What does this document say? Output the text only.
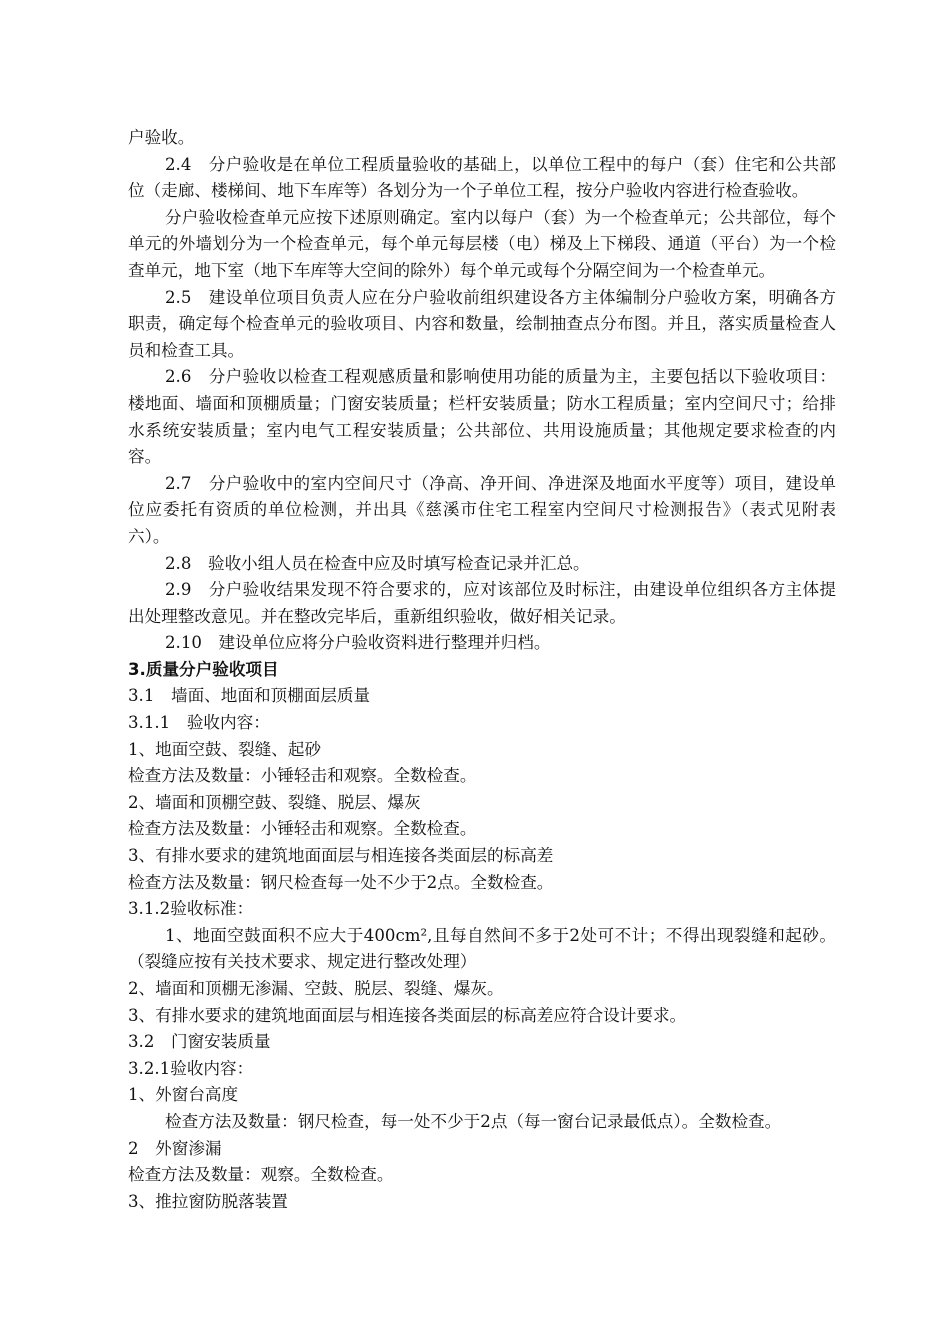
户验收。

2.4　分户验收是在单位工程质量验收的基础上，以单位工程中的每户（套）住宅和公共部位（走廊、楼梯间、地下车库等）各划分为一个子单位工程，按分户验收内容进行检查验收。

分户验收检查单元应按下述原则确定。室内以每户（套）为一个检查单元；公共部位，每个单元的外墙划分为一个检查单元，每个单元每层楼（电）梯及上下梯段、通道（平台）为一个检查单元，地下室（地下车库等大空间的除外）每个单元或每个分隔空间为一个检查单元。

2.5　建设单位项目负责人应在分户验收前组织建设各方主体编制分户验收方案，明确各方职责，确定每个检查单元的验收项目、内容和数量，绘制抽查点分布图。并且，落实质量检查人员和检查工具。

2.6　分户验收以检查工程观感质量和影响使用功能的质量为主，主要包括以下验收项目：楼地面、墙面和顶棚质量；门窗安装质量；栏杆安装质量；防水工程质量；室内空间尺寸；给排水系统安装质量；室内电气工程安装质量；公共部位、共用设施质量；其他规定要求检查的内容。

2.7　分户验收中的室内空间尺寸（净高、净开间、净进深及地面水平度等）项目，建设单位应委托有资质的单位检测，并出具《慈溪市住宅工程室内空间尺寸检测报告》（表式见附表六）。

2.8　验收小组人员在检查中应及时填写检查记录并汇总。

2.9　分户验收结果发现不符合要求的，应对该部位及时标注，由建设单位组织各方主体提出处理整改意见。并在整改完毕后，重新组织验收，做好相关记录。

2.10　建设单位应将分户验收资料进行整理并归档。

3.质量分户验收项目

3.1　墙面、地面和顶棚面层质量

3.1.1　验收内容：

1、地面空鼓、裂缝、起砂

检查方法及数量：小锤轻击和观察。全数检查。

2、墙面和顶棚空鼓、裂缝、脱层、爆灰

检查方法及数量：小锤轻击和观察。全数检查。

3、有排水要求的建筑地面面层与相连接各类面层的标高差

检查方法及数量：钢尺检查每一处不少于2点。全数检查。

3.1.2验收标准：

1、地面空鼓面积不应大于400cm²,且每自然间不多于2处可不计；不得出现裂缝和起砂。（裂缝应按有关技术要求、规定进行整改处理）

2、墙面和顶棚无渗漏、空鼓、脱层、裂缝、爆灰。

3、有排水要求的建筑地面面层与相连接各类面层的标高差应符合设计要求。

3.2　门窗安装质量

3.2.1验收内容：

1、外窗台高度

检查方法及数量：钢尺检查，每一处不少于2点（每一窗台记录最低点）。全数检查。

2　外窗渗漏

检查方法及数量：观察。全数检查。

3、推拉窗防脱落装置
